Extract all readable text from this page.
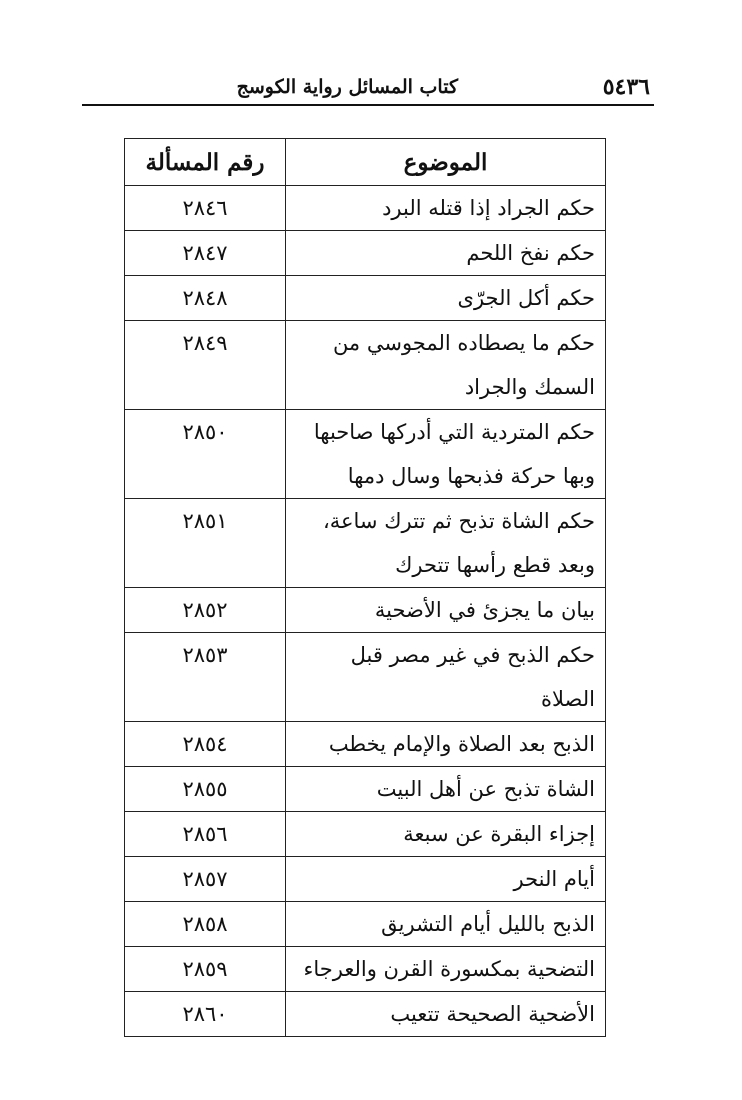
٥٤٣٦
كتاب المسائل رواية الكوسج
الموضوع	رقم المسألة
حكم الجراد إذا قتله البرد	٢٨٤٦
حكم نفخ اللحم	٢٨٤٧
حكم أكل الجرّى	٢٨٤٨
حكم ما يصطاده المجوسي من السمك والجراد	٢٨٤٩
حكم المتردية التي أدركها صاحبها وبها حركة فذبحها وسال دمها	٢٨٥٠
حكم الشاة تذبح ثم تترك ساعة، وبعد قطع رأسها تتحرك	٢٨٥١
بيان ما يجزئ في الأضحية	٢٨٥٢
حكم الذبح في غير مصر قبل الصلاة	٢٨٥٣
الذبح بعد الصلاة والإمام يخطب	٢٨٥٤
الشاة تذبح عن أهل البيت	٢٨٥٥
إجزاء البقرة عن سبعة	٢٨٥٦
أيام النحر	٢٨٥٧
الذبح بالليل أيام التشريق	٢٨٥٨
التضحية بمكسورة القرن والعرجاء	٢٨٥٩
الأضحية الصحيحة تتعيب	٢٨٦٠
